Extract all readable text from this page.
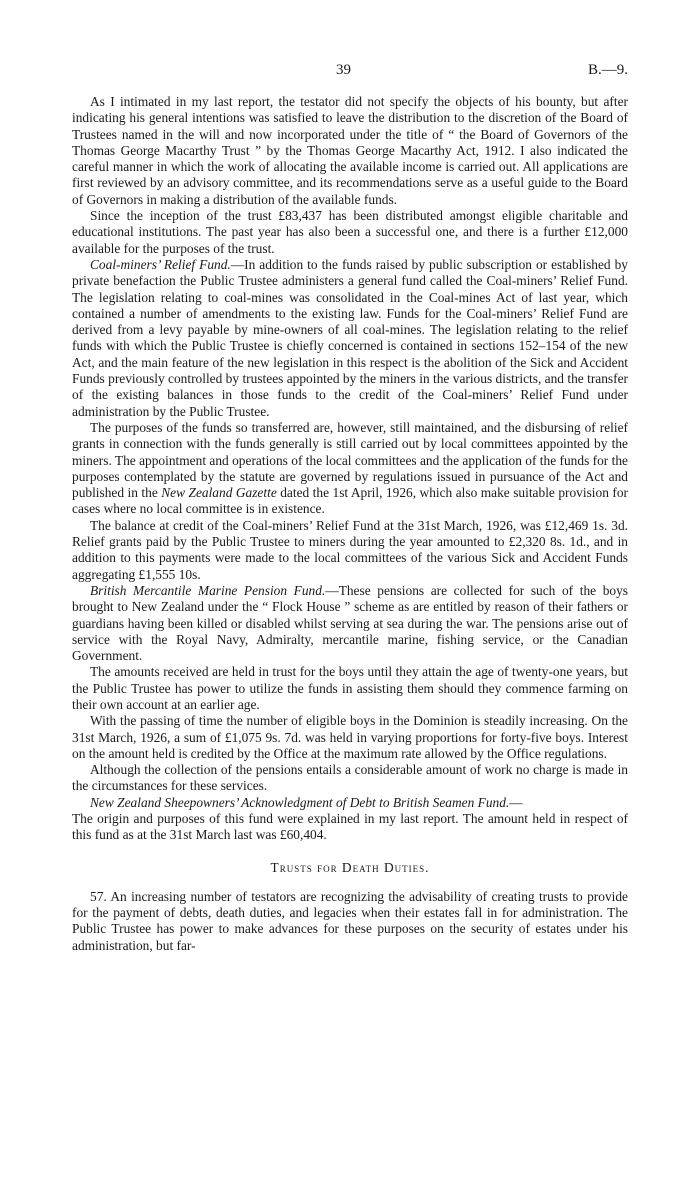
39	B.—9.

As I intimated in my last report, the testator did not specify the objects of his bounty, but after indicating his general intentions was satisfied to leave the distribution to the discretion of the Board of Trustees named in the will and now incorporated under the title of “ the Board of Governors of the Thomas George Macarthy Trust ” by the Thomas George Macarthy Act, 1912. I also indicated the careful manner in which the work of allocating the available income is carried out. All applications are first reviewed by an advisory committee, and its recommendations serve as a useful guide to the Board of Governors in making a distribution of the available funds.

Since the inception of the trust £83,437 has been distributed amongst eligible charitable and educational institutions. The past year has also been a successful one, and there is a further £12,000 available for the purposes of the trust.

Coal-miners’ Relief Fund.—In addition to the funds raised by public subscription or established by private benefaction the Public Trustee administers a general fund called the Coal-miners’ Relief Fund. The legislation relating to coal-mines was consolidated in the Coal-mines Act of last year, which contained a number of amendments to the existing law. Funds for the Coal-miners’ Relief Fund are derived from a levy payable by mine-owners of all coal-mines. The legislation relating to the relief funds with which the Public Trustee is chiefly concerned is contained in sections 152–154 of the new Act, and the main feature of the new legislation in this respect is the abolition of the Sick and Accident Funds previously controlled by trustees appointed by the miners in the various districts, and the transfer of the existing balances in those funds to the credit of the Coal-miners’ Relief Fund under administration by the Public Trustee.

The purposes of the funds so transferred are, however, still maintained, and the disbursing of relief grants in connection with the funds generally is still carried out by local committees appointed by the miners. The appointment and operations of the local committees and the application of the funds for the purposes contemplated by the statute are governed by regulations issued in pursuance of the Act and published in the New Zealand Gazette dated the 1st April, 1926, which also make suitable provision for cases where no local committee is in existence.

The balance at credit of the Coal-miners’ Relief Fund at the 31st March, 1926, was £12,469 1s. 3d. Relief grants paid by the Public Trustee to miners during the year amounted to £2,320 8s. 1d., and in addition to this payments were made to the local committees of the various Sick and Accident Funds aggregating £1,555 10s.

British Mercantile Marine Pension Fund.—These pensions are collected for such of the boys brought to New Zealand under the “ Flock House ” scheme as are entitled by reason of their fathers or guardians having been killed or disabled whilst serving at sea during the war. The pensions arise out of service with the Royal Navy, Admiralty, mercantile marine, fishing service, or the Canadian Government.

The amounts received are held in trust for the boys until they attain the age of twenty-one years, but the Public Trustee has power to utilize the funds in assisting them should they commence farming on their own account at an earlier age.

With the passing of time the number of eligible boys in the Dominion is steadily increasing. On the 31st March, 1926, a sum of £1,075 9s. 7d. was held in varying proportions for forty-five boys. Interest on the amount held is credited by the Office at the maximum rate allowed by the Office regulations.

Although the collection of the pensions entails a considerable amount of work no charge is made in the circumstances for these services.

New Zealand Sheepowners’ Acknowledgment of Debt to British Seamen Fund.—

The origin and purposes of this fund were explained in my last report. The amount held in respect of this fund as at the 31st March last was £60,404.

Trusts for Death Duties.

57. An increasing number of testators are recognizing the advisability of creating trusts to provide for the payment of debts, death duties, and legacies when their estates fall in for administration. The Public Trustee has power to make advances for these purposes on the security of estates under his administration, but far-
